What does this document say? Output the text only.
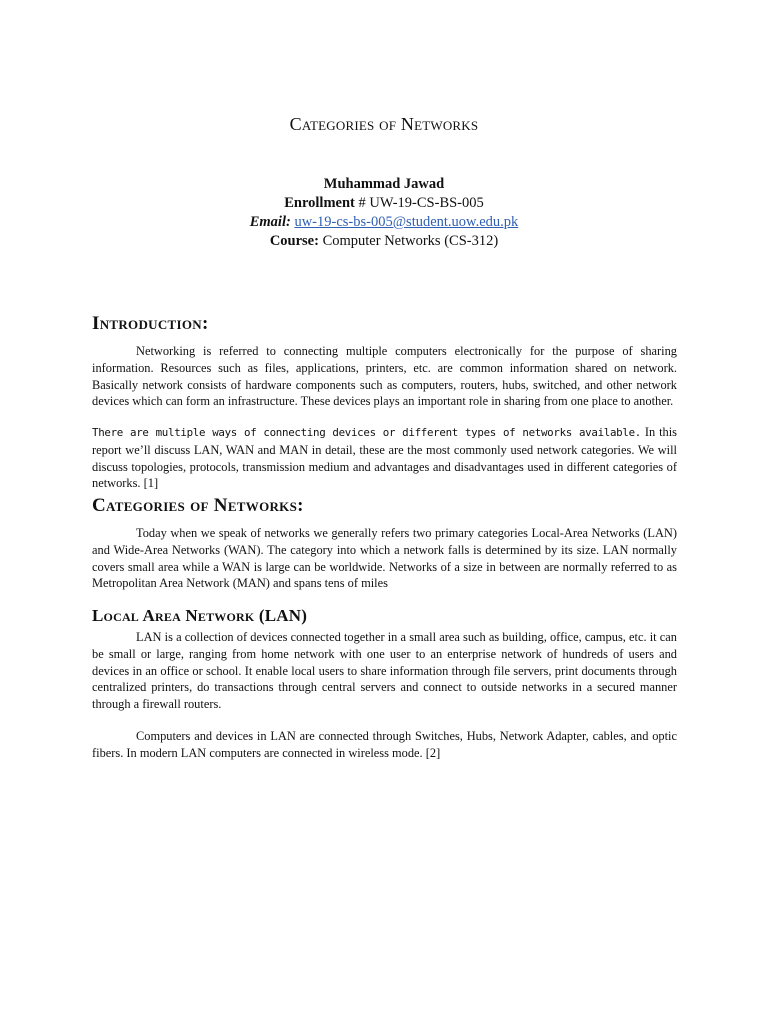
Categories of Networks
Muhammad Jawad
Enrollment # UW-19-CS-BS-005
Email: uw-19-cs-bs-005@student.uow.edu.pk
Course: Computer Networks (CS-312)
Introduction:
Networking is referred to connecting multiple computers electronically for the purpose of sharing information. Resources such as files, applications, printers, etc. are common information shared on network. Basically network consists of hardware components such as computers, routers, hubs, switched, and other network devices which can form an infrastructure. These devices plays an important role in sharing from one place to another.
There are multiple ways of connecting devices or different types of networks available. In this report we’ll discuss LAN, WAN and MAN in detail, these are the most commonly used network categories. We will discuss topologies, protocols, transmission medium and advantages and disadvantages used in different categories of networks. [1]
Categories of Networks:
Today when we speak of networks we generally refers two primary categories Local-Area Networks (LAN) and Wide-Area Networks (WAN). The category into which a network falls is determined by its size. LAN normally covers small area while a WAN is large can be worldwide. Networks of a size in between are normally referred to as Metropolitan Area Network (MAN) and spans tens of miles
Local Area Network (LAN)
LAN is a collection of devices connected together in a small area such as building, office, campus, etc. it can be small or large, ranging from home network with one user to an enterprise network of hundreds of users and devices in an office or school. It enable local users to share information through file servers, print documents through centralized printers, do transactions through central servers and connect to outside networks in a secured manner through a firewall routers.
Computers and devices in LAN are connected through Switches, Hubs, Network Adapter, cables, and optic fibers. In modern LAN computers are connected in wireless mode. [2]
